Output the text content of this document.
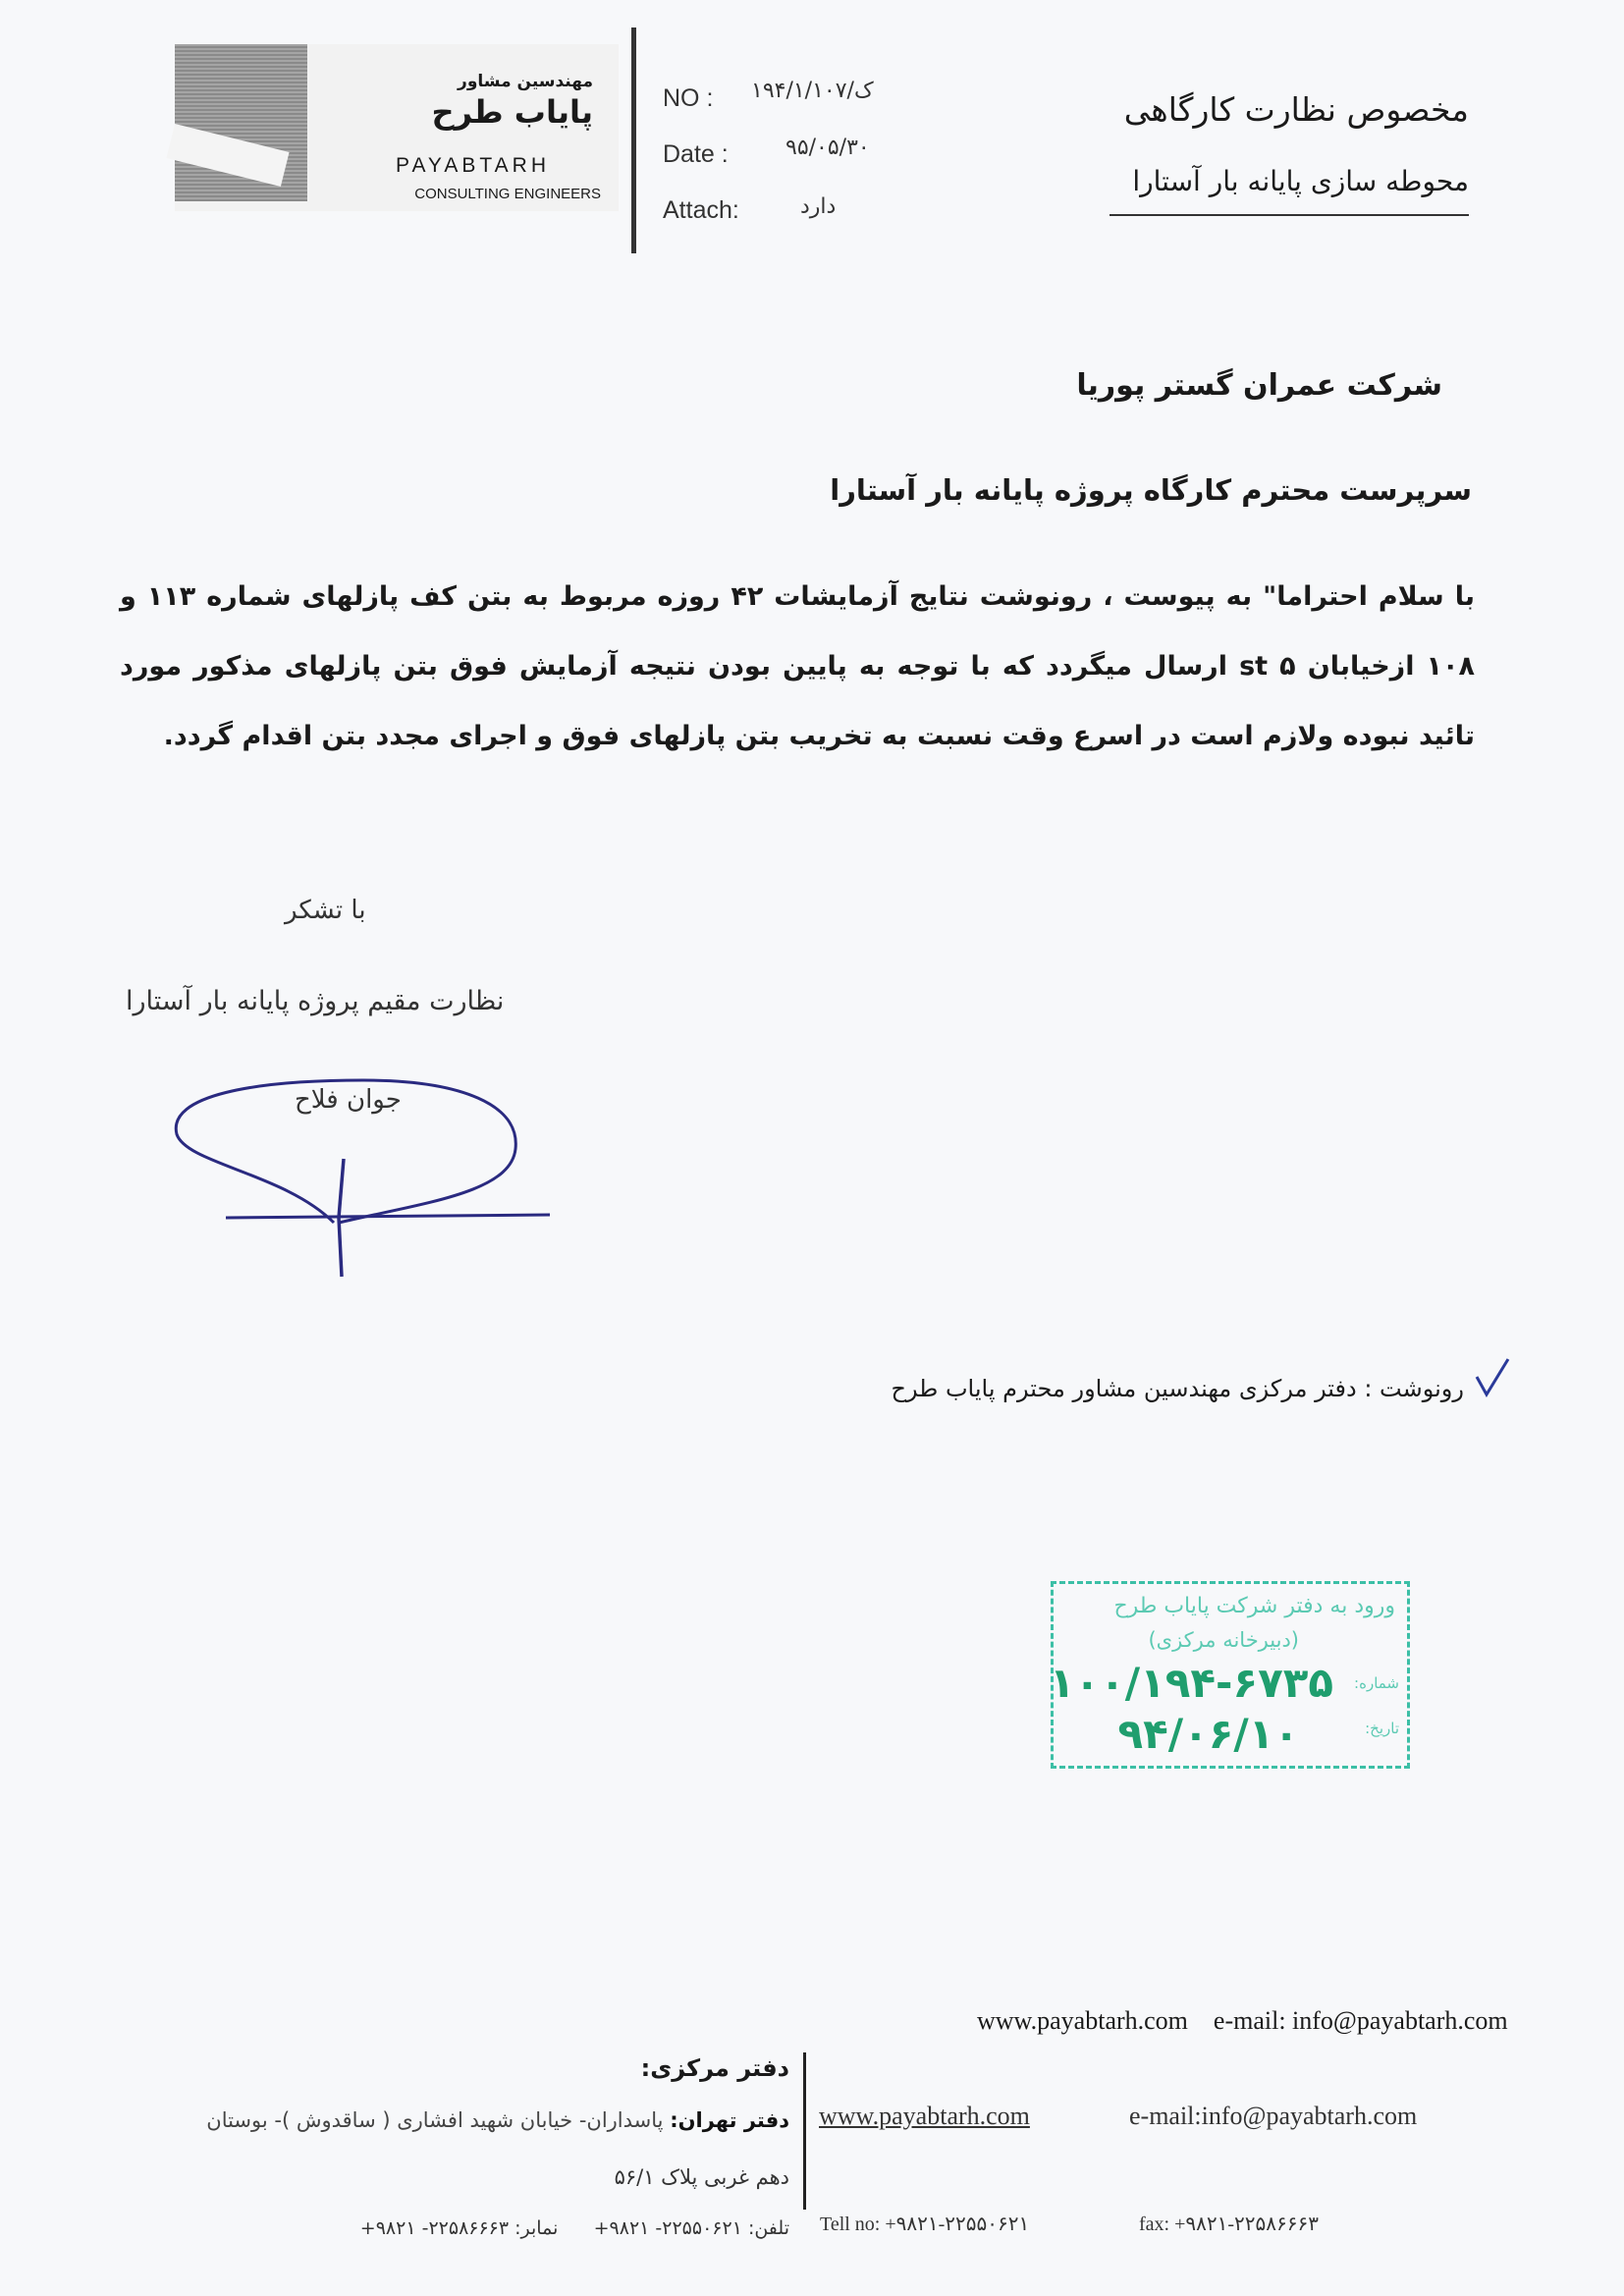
مهندسین مشاور
پایاب طرح
PAYABTARH
CONSULTING ENGINEERS
NO : ۱۹۴/۱/ک/۱۰۷
Date :	۹۵/۰۵/۳۰
Attach:	دارد
مخصوص نظارت کارگاهی
محوطه سازی پایانه بار آستارا
شرکت عمران گستر پوریا
سرپرست محترم کارگاه پروژه پایانه بار آستارا
با سلام احتراما" به پیوست ، رونوشت نتایج آزمایشات ۴۲ روزه مربوط به بتن کف پازلهای شماره ۱۱۳ و ۱۰۸ ازخیابان st ۵ ارسال میگردد که با توجه به پایین بودن نتیجه آزمایش فوق بتن پازلهای مذکور مورد تائید نبوده ولازم است در اسرع وقت نسبت به تخریب بتن پازلهای فوق و اجرای مجدد بتن اقدام گردد.
با تشکر
نظارت مقیم پروژه پایانه بار آستارا
جوان فلاح
رونوشت : دفتر مرکزی مهندسین مشاور محترم پایاب طرح
ورود به دفتر شرکت پایاب طرح
(دبیرخانه مرکزی)
شماره:
۱۰۰/۱۹۴-۶۷۳۵
تاریخ:
۹۴/۰۶/۱۰
www.payabtarh.com    e-mail: info@payabtarh.com
دفتر مرکزی:
دفتر تهران: پاسداران- خیابان شهید افشاری ( ساقدوش )- بوستان
دهم غربی پلاک ۵۶/۱
تلفن: ۲۲۵۵۰۶۲۱- ۹۸۲۱+      نمابر: ۲۲۵۸۶۶۶۳- ۹۸۲۱+
www.payabtarh.com	e-mail:info@payabtarh.com
Tell no: +۹۸۲۱-۲۲۵۵۰۶۲۱	fax: +۹۸۲۱-۲۲۵۸۶۶۶۳
